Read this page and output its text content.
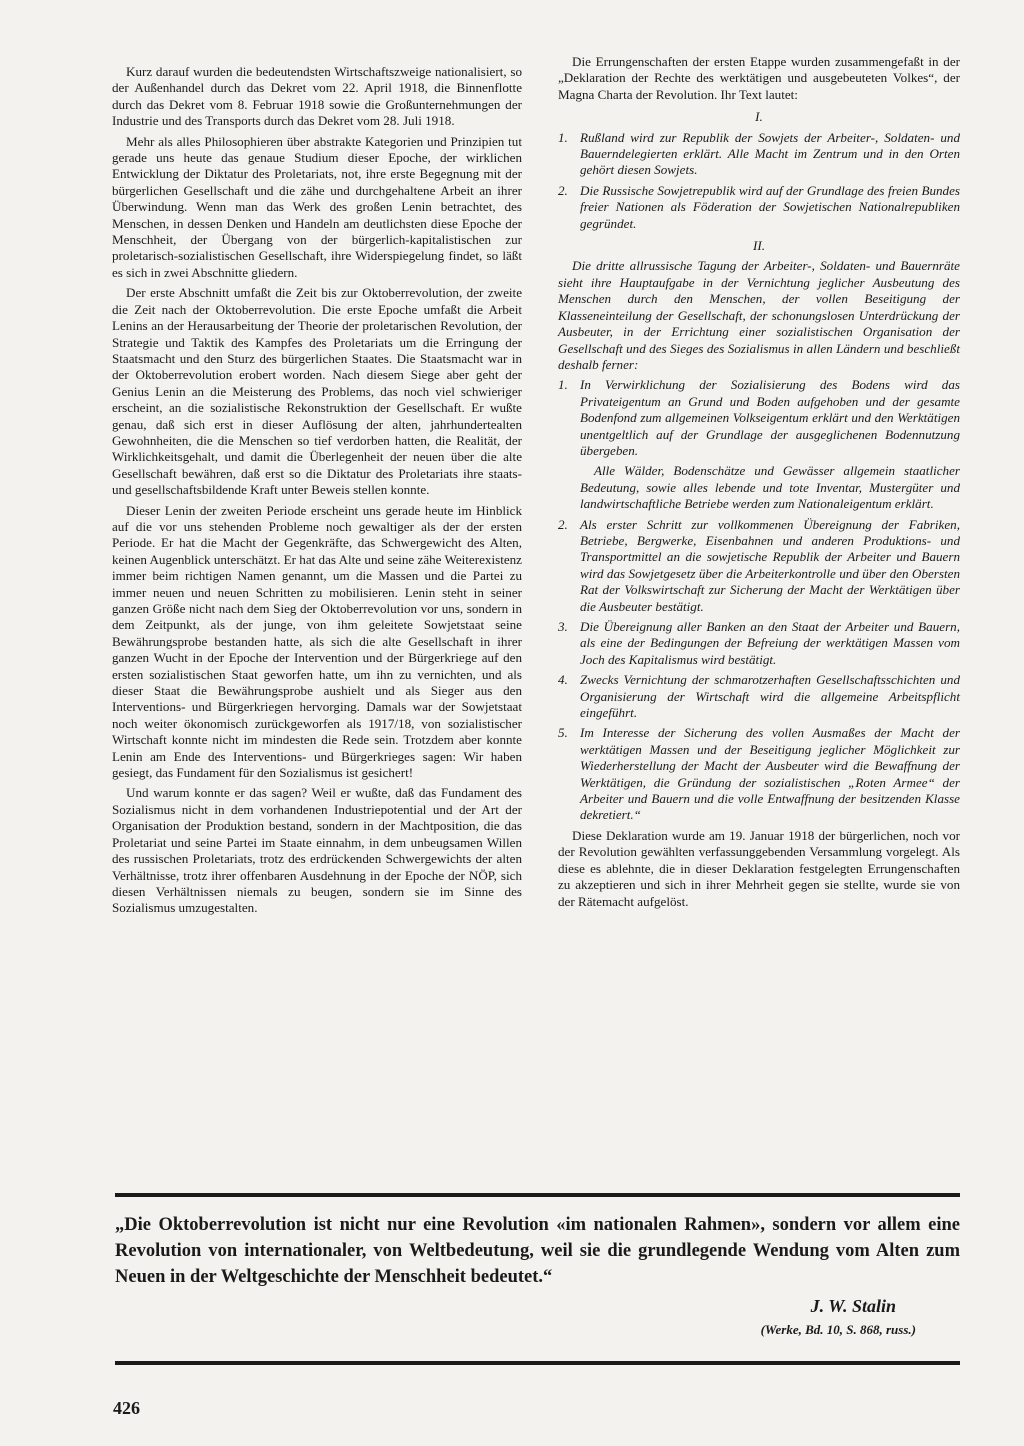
Kurz darauf wurden die bedeutendsten Wirtschaftszweige nationalisiert, so der Außenhandel durch das Dekret vom 22. April 1918, die Binnenflotte durch das Dekret vom 8. Februar 1918 sowie die Großunternehmungen der Industrie und des Transports durch das Dekret vom 28. Juli 1918.

Mehr als alles Philosophieren über abstrakte Kategorien und Prinzipien tut gerade uns heute das genaue Studium dieser Epoche, der wirklichen Entwicklung der Diktatur des Proletariats, not, ihre erste Begegnung mit der bürgerlichen Gesellschaft und die zähe und durchgehaltene Arbeit an ihrer Überwindung. Wenn man das Werk des großen Lenin betrachtet, des Menschen, in dessen Denken und Handeln am deutlichsten diese Epoche der Menschheit, der Übergang von der bürgerlich-kapitalistischen zur proletarisch-sozialistischen Gesellschaft, ihre Widerspiegelung findet, so läßt es sich in zwei Abschnitte gliedern.

Der erste Abschnitt umfaßt die Zeit bis zur Oktoberrevolution, der zweite die Zeit nach der Oktoberrevolution. Die erste Epoche umfaßt die Arbeit Lenins an der Herausarbeitung der Theorie der proletarischen Revolution, der Strategie und Taktik des Kampfes des Proletariats um die Erringung der Staatsmacht und den Sturz des bürgerlichen Staates. Die Staatsmacht war in der Oktoberrevolution erobert worden. Nach diesem Siege aber geht der Genius Lenin an die Meisterung des Problems, das noch viel schwieriger erscheint, an die sozialistische Rekonstruktion der Gesellschaft. Er wußte genau, daß sich erst in dieser Auflösung der alten, jahrhundertealten Gewohnheiten, die die Menschen so tief verdorben hatten, die Realität, der Wirklichkeitsgehalt, und damit die Überlegenheit der neuen über die alte Gesellschaft bewähren, daß erst so die Diktatur des Proletariats ihre staats- und gesellschaftsbildende Kraft unter Beweis stellen konnte.

Dieser Lenin der zweiten Periode erscheint uns gerade heute im Hinblick auf die vor uns stehenden Probleme noch gewaltiger als der der ersten Periode. Er hat die Macht der Gegenkräfte, das Schwergewicht des Alten, keinen Augenblick unterschätzt. Er hat das Alte und seine zähe Weiterexistenz immer beim richtigen Namen genannt, um die Massen und die Partei zu immer neuen und neuen Schritten zu mobilisieren. Lenin steht in seiner ganzen Größe nicht nach dem Sieg der Oktoberrevolution vor uns, sondern in dem Zeitpunkt, als der junge, von ihm geleitete Sowjetstaat seine Bewährungsprobe bestanden hatte, als sich die alte Gesellschaft in ihrer ganzen Wucht in der Epoche der Intervention und der Bürgerkriege auf den ersten sozialistischen Staat geworfen hatte, um ihn zu vernichten, und als dieser Staat die Bewährungsprobe aushielt und als Sieger aus den Interventions- und Bürgerkriegen hervorging. Damals war der Sowjetstaat noch weiter ökonomisch zurückgeworfen als 1917/18, von sozialistischer Wirtschaft konnte nicht im mindesten die Rede sein. Trotzdem aber konnte Lenin am Ende des Interventions- und Bürgerkrieges sagen: Wir haben gesiegt, das Fundament für den Sozialismus ist gesichert!

Und warum konnte er das sagen? Weil er wußte, daß das Fundament des Sozialismus nicht in dem vorhandenen Industriepotential und der Art der Organisation der Produktion bestand, sondern in der Machtposition, die das Proletariat und seine Partei im Staate einnahm, in dem unbeugsamen Willen des russischen Proletariats, trotz des erdrückenden Schwergewichts der alten Verhältnisse, trotz ihrer offenbaren Ausdehnung in der Epoche der NÖP, sich diesen Verhältnissen niemals zu beugen, sondern sie im Sinne des Sozialismus umzugestalten.

Die Errungenschaften der ersten Etappe wurden zusammengefaßt in der „Deklaration der Rechte des werktätigen und ausgebeuteten Volkes“, der Magna Charta der Revolution. Ihr Text lautet:

I.
1. Rußland wird zur Republik der Sowjets der Arbeiter-, Soldaten- und Bauerndelegierten erklärt. Alle Macht im Zentrum und in den Orten gehört diesen Sowjets.
2. Die Russische Sowjetrepublik wird auf der Grundlage des freien Bundes freier Nationen als Föderation der Sowjetischen Nationalrepubliken gegründet.
II.
Die dritte allrussische Tagung der Arbeiter-, Soldaten- und Bauernräte sieht ihre Hauptaufgabe in der Vernichtung jeglicher Ausbeutung des Menschen durch den Menschen, der vollen Beseitigung der Klasseneinteilung der Gesellschaft, der schonungslosen Unterdrückung der Ausbeuter, in der Errichtung einer sozialistischen Organisation der Gesellschaft und des Sieges des Sozialismus in allen Ländern und beschließt deshalb ferner:
1. In Verwirklichung der Sozialisierung des Bodens wird das Privateigentum an Grund und Boden aufgehoben und der gesamte Bodenfond zum allgemeinen Volkseigentum erklärt und den Werktätigen unentgeltlich auf der Grundlage der ausgeglichenen Bodennutzung übergeben.
Alle Wälder, Bodenschätze und Gewässer allgemein staatlicher Bedeutung, sowie alles lebende und tote Inventar, Mustergüter und landwirtschaftliche Betriebe werden zum Nationaleigentum erklärt.
2. Als erster Schritt zur vollkommenen Übereignung der Fabriken, Betriebe, Bergwerke, Eisenbahnen und anderen Produktions- und Transportmittel an die sowjetische Republik der Arbeiter und Bauern wird das Sowjetgesetz über die Arbeiterkontrolle und über den Obersten Rat der Volkswirtschaft zur Sicherung der Macht der Werktätigen über die Ausbeuter bestätigt.
3. Die Übereignung aller Banken an den Staat der Arbeiter und Bauern, als eine der Bedingungen der Befreiung der werktätigen Massen vom Joch des Kapitalismus wird bestätigt.
4. Zwecks Vernichtung der schmarotzerhaften Gesellschaftsschichten und Organisierung der Wirtschaft wird die allgemeine Arbeitspflicht eingeführt.
5. Im Interesse der Sicherung des vollen Ausmaßes der Macht der werktätigen Massen und der Beseitigung jeglicher Möglichkeit zur Wiederherstellung der Macht der Ausbeuter wird die Bewaffnung der Werktätigen, die Gründung der sozialistischen „Roten Armee“ der Arbeiter und Bauern und die volle Entwaffnung der besitzenden Klasse dekretiert.“

Diese Deklaration wurde am 19. Januar 1918 der bürgerlichen, noch vor der Revolution gewählten verfassunggebenden Versammlung vorgelegt. Als diese es ablehnte, die in dieser Deklaration festgelegten Errungenschaften zu akzeptieren und sich in ihrer Mehrheit gegen sie stellte, wurde sie von der Rätemacht aufgelöst.

„Die Oktoberrevolution ist nicht nur eine Revolution «im nationalen Rahmen», sondern vor allem eine Revolution von internationaler, von Weltbedeutung, weil sie die grundlegende Wendung vom Alten zum Neuen in der Weltgeschichte der Menschheit bedeutet.“
J. W. Stalin
(Werke, Bd. 10, S. 868, russ.)
426
